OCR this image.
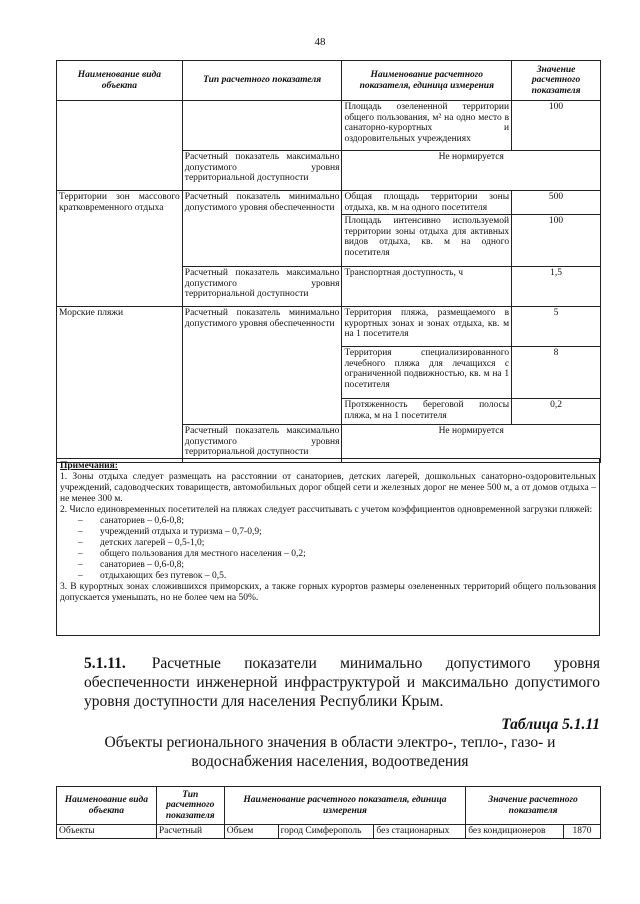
48
Наименование вида объекта	Тип расчетного показателя	Наименование расчетного показателя, единица измерения	Значение расчетного показателя
		Площадь озелененной территории общего пользования, м² на одно место в санаторно-курортных и оздоровительных учреждениях	100
	Расчетный показатель максимально допустимого уровня территориальной доступности	Не нормируется	
Территории зон массового кратковременного отдыха	Расчетный показатель минимально допустимого уровня обеспеченности	Общая площадь территории зоны отдыха, кв. м на одного посетителя	500
		Площадь интенсивно используемой территории зоны отдыха для активных видов отдыха, кв. м на одного посетителя	100
	Расчетный показатель максимально допустимого уровня территориальной доступности	Транспортная доступность, ч	1,5
Морские пляжи	Расчетный показатель минимально допустимого уровня обеспеченности	Территория пляжа, размещаемого в курортных зонах и зонах отдыха, кв. м на 1 посетителя	5
		Территория специализированного лечебного пляжа для лечащихся с ограниченной подвижностью, кв. м на 1 посетителя	8
		Протяженность береговой полосы пляжа, м на 1 посетителя	0,2
	Расчетный показатель максимально допустимого уровня территориальной доступности	Не нормируется	
Примечания:
1. Зоны отдыха следует размещать на расстоянии от санаториев, детских лагерей, дошкольных санаторно-оздоровительных учреждений, садоводческих товариществ, автомобильных дорог общей сети и железных дорог не менее 500 м, а от домов отдыха – не менее 300 м.
2. Число единовременных посетителей на пляжах следует рассчитывать с учетом коэффициентов одновременной загрузки пляжей:
– санаториев – 0,6-0,8;
– учреждений отдыха и туризма – 0,7-0,9;
– детских лагерей – 0,5-1,0;
– общего пользования для местного населения – 0,2;
– санаториев – 0,6-0,8;
– отдыхающих без путевок – 0,5.
3. В курортных зонах сложившихся приморских, а также горных курортов размеры озелененных территорий общего пользования допускается уменьшать, но не более чем на 50%.
5.1.11. Расчетные показатели минимально допустимого уровня обеспеченности инженерной инфраструктурой и максимально допустимого уровня доступности для населения Республики Крым.
Таблица 5.1.11
Объекты регионального значения в области электро-, тепло-, газо- и водоснабжения населения, водоотведения
Наименование вида объекта	Тип расчетного показателя	Наименование расчетного показателя, единица измерения			Значение расчетного показателя	
Объекты	Расчетный	Объем	город Симферополь	без стационарных	без кондиционеров	1870
